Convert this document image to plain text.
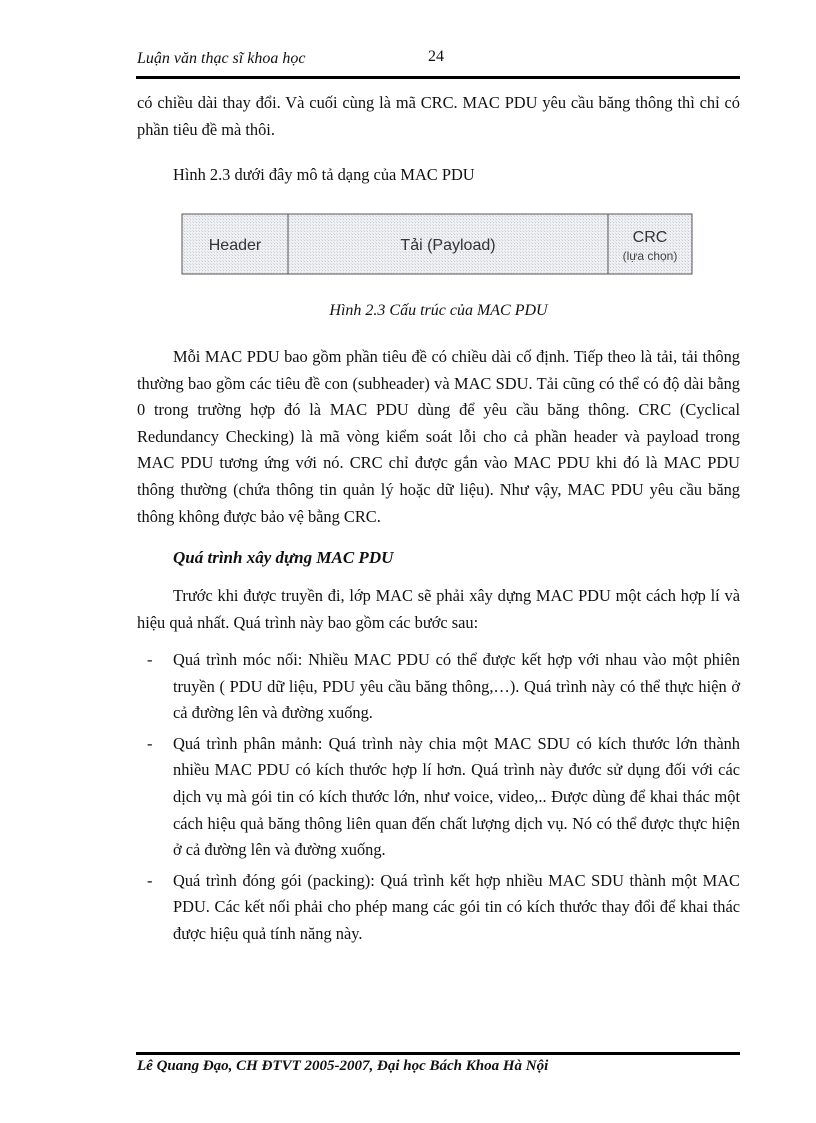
Luận văn thạc sĩ khoa học	24
có chiều dài thay đổi. Và cuối cùng là mã CRC. MAC PDU yêu cầu băng thông thì chỉ có phần tiêu đề mà thôi.
Hình 2.3 dưới đây mô tả dạng của MAC PDU
Header	Tải (Payload)	CRC
(lựa chọn)
Hình 2.3 Cấu trúc của MAC PDU
Mỗi MAC PDU bao gồm phần tiêu đề có chiều dài cố định. Tiếp theo là tải, tải thông thường bao gồm các tiêu đề con (subheader) và MAC SDU. Tải cũng có thể có độ dài bằng 0 trong trường hợp đó là MAC PDU dùng để yêu cầu băng thông. CRC (Cyclical Redundancy Checking) là mã vòng kiểm soát lỗi cho cả phần header và payload trong MAC PDU tương ứng với nó. CRC chỉ được gắn vào MAC PDU khi đó là MAC PDU thông thường (chứa thông tin quản lý hoặc dữ liệu). Như vậy, MAC PDU yêu cầu băng thông không được bảo vệ bằng CRC.
Quá trình xây dựng MAC PDU
Trước khi được truyền đi, lớp MAC sẽ phải xây dựng MAC PDU một cách hợp lí và hiệu quả nhất. Quá trình này bao gồm các bước sau:
- Quá trình móc nối: Nhiều MAC PDU có thể được kết hợp với nhau vào một phiên truyền ( PDU dữ liệu, PDU yêu cầu băng thông,…). Quá trình này có thể thực hiện ở cả đường lên và đường xuống.
- Quá trình phân mảnh: Quá trình này chia một MAC SDU có kích thước lớn thành nhiều MAC PDU có kích thước hợp lí hơn. Quá trình này đước sử dụng đối với các dịch vụ mà gói tin có kích thước lớn, như voice, video,.. Được dùng để khai thác một cách hiệu quả băng thông liên quan đến chất lượng dịch vụ. Nó có thể được thực hiện ở cả đường lên và đường xuống.
- Quá trình đóng gói (packing): Quá trình kết hợp nhiều MAC SDU thành một MAC PDU. Các kết nối phải cho phép mang các gói tin có kích thước thay đổi để khai thác được hiệu quả tính năng này.
Lê Quang Đạo, CH ĐTVT 2005-2007, Đại học Bách Khoa Hà Nội
